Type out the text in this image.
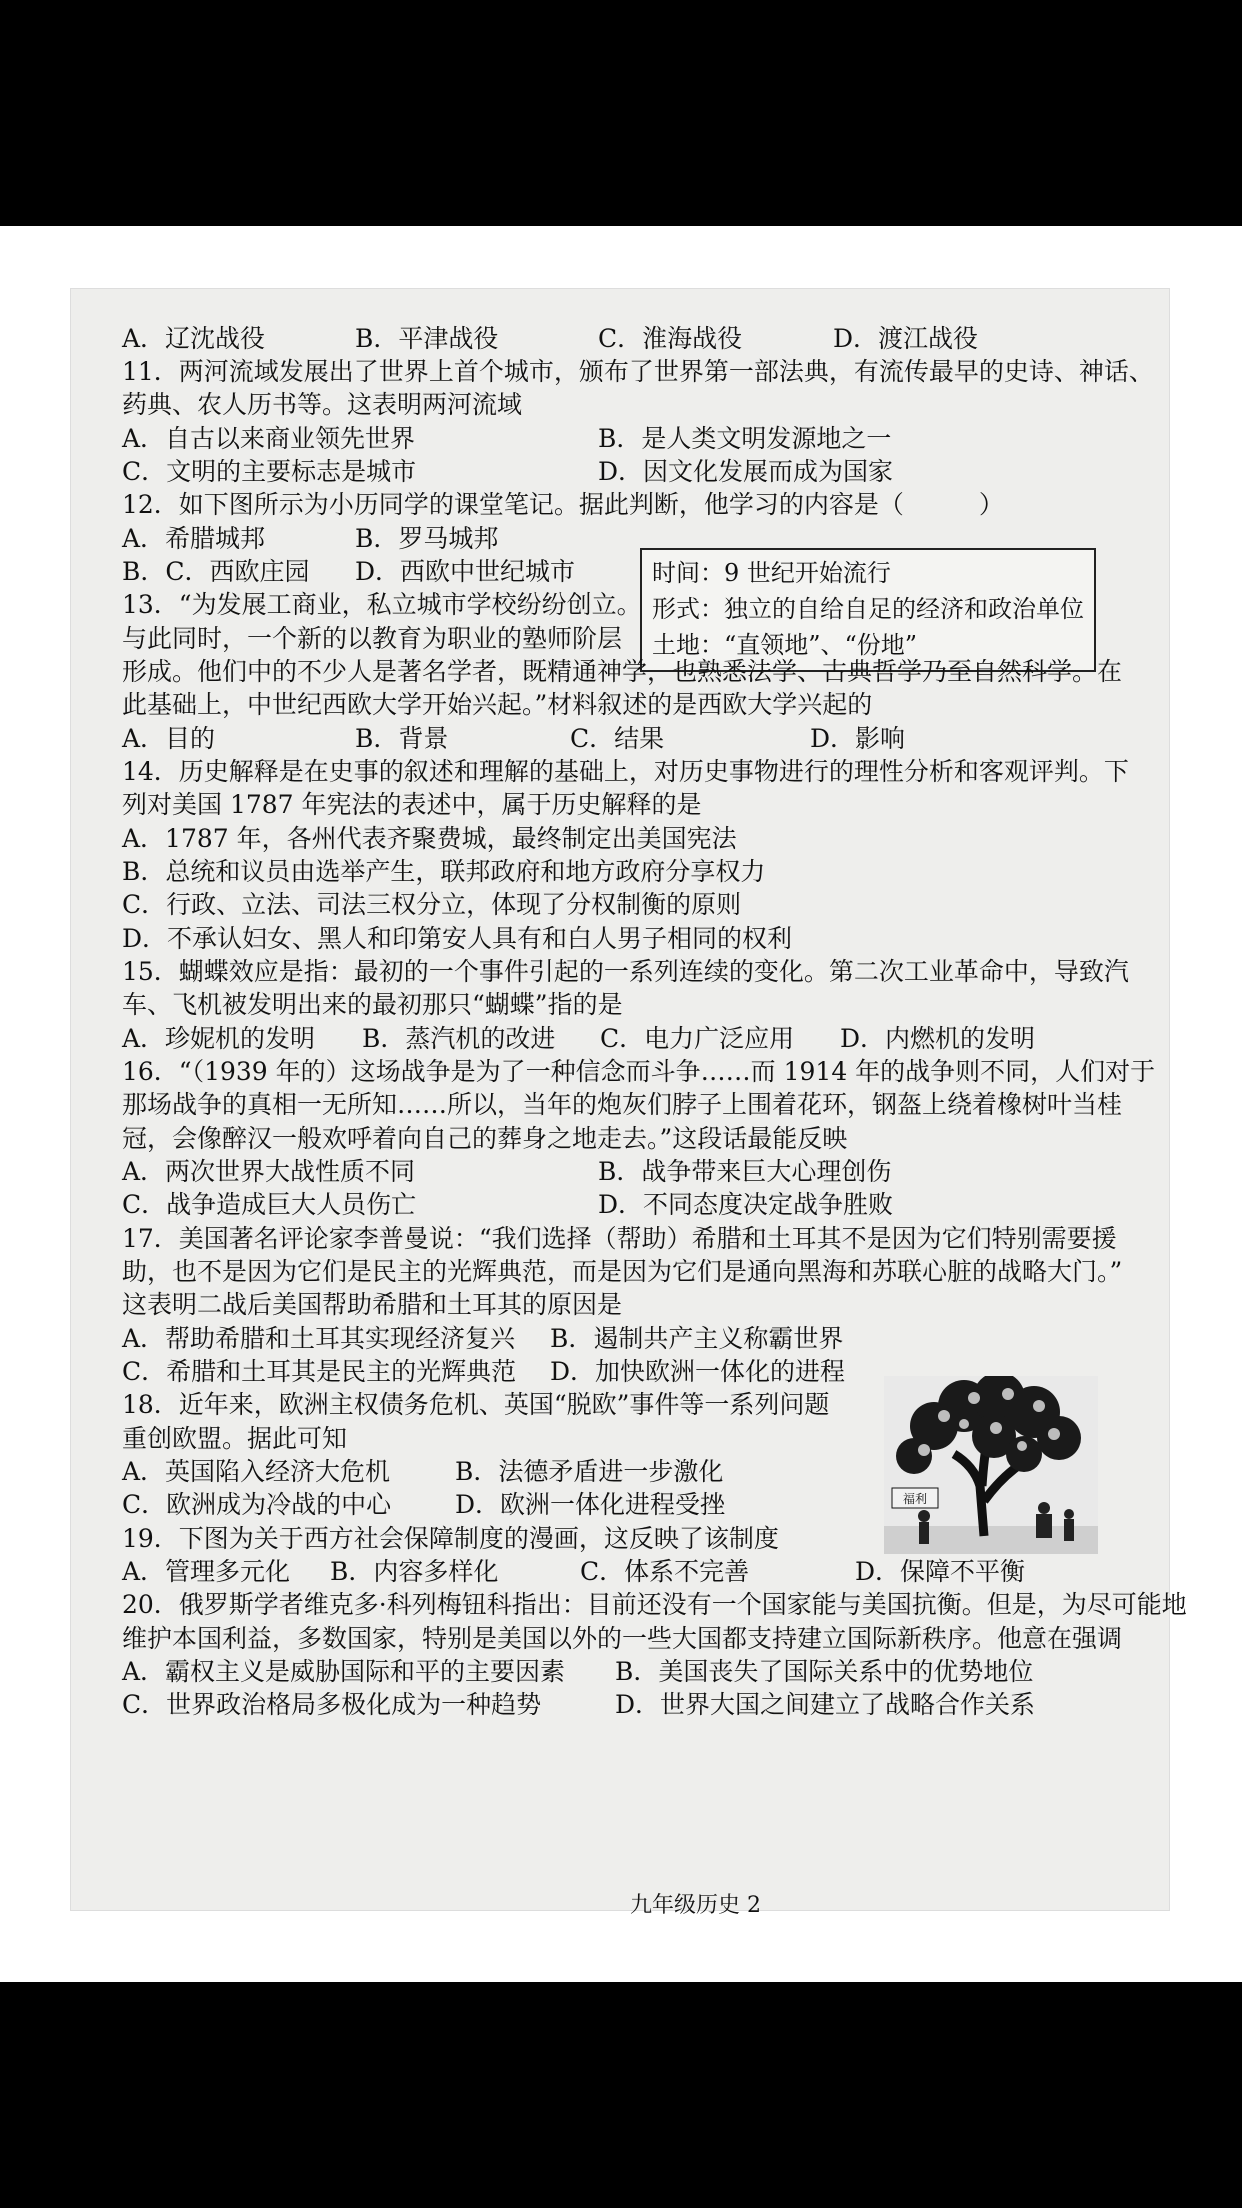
A．辽沈战役	B．平津战役	C．淮海战役	D．渡江战役
11．两河流域发展出了世界上首个城市，颁布了世界第一部法典，有流传最早的史诗、神话、
药典、农人历书等。这表明两河流域
A．自古以来商业领先世界	B．是人类文明发源地之一
C．文明的主要标志是城市	D．因文化发展而成为国家
12．如下图所示为小历同学的课堂笔记。据此判断，他学习的内容是（　　　）
A．希腊城邦	B．罗马城邦
B．C．西欧庄园 D．西欧中世纪城市	时间：9 世纪开始流行
形式：独立的自给自足的经济和政治单位
土地：“直领地”、“份地”
13．“为发展工商业，私立城市学校纷纷创立。
与此同时，一个新的以教育为职业的塾师阶层
形成。他们中的不少人是著名学者，既精通神学，也熟悉法学、古典哲学乃至自然科学。在
此基础上，中世纪西欧大学开始兴起。”材料叙述的是西欧大学兴起的
A．目的	B．背景	C．结果	D．影响
14．历史解释是在史事的叙述和理解的基础上，对历史事物进行的理性分析和客观评判。下
列对美国 1787 年宪法的表述中，属于历史解释的是
A．1787 年，各州代表齐聚费城，最终制定出美国宪法
B．总统和议员由选举产生，联邦政府和地方政府分享权力
C．行政、立法、司法三权分立，体现了分权制衡的原则
D．不承认妇女、黑人和印第安人具有和白人男子相同的权利
15．蝴蝶效应是指：最初的一个事件引起的一系列连续的变化。第二次工业革命中，导致汽
车、飞机被发明出来的最初那只“蝴蝶”指的是
A．珍妮机的发明 B．蒸汽机的改进 C．电力广泛应用 D．内燃机的发明
16．“（1939 年的）这场战争是为了一种信念而斗争……而 1914 年的战争则不同，人们对于
那场战争的真相一无所知……所以，当年的炮灰们脖子上围着花环，钢盔上绕着橡树叶当桂
冠，会像醉汉一般欢呼着向自己的葬身之地走去。”这段话最能反映
A．两次世界大战性质不同	B．战争带来巨大心理创伤
C．战争造成巨大人员伤亡	D．不同态度决定战争胜败
17．美国著名评论家李普曼说：“我们选择（帮助）希腊和土耳其不是因为它们特别需要援
助，也不是因为它们是民主的光辉典范，而是因为它们是通向黑海和苏联心脏的战略大门。”
这表明二战后美国帮助希腊和土耳其的原因是
A．帮助希腊和土耳其实现经济复兴 B．遏制共产主义称霸世界
C．希腊和土耳其是民主的光辉典范 D．加快欧洲一体化的进程
18．近年来，欧洲主权债务危机、英国“脱欧”事件等一系列问题
重创欧盟。据此可知
A．英国陷入经济大危机	B．法德矛盾进一步激化
C．欧洲成为冷战的中心	D．欧洲一体化进程受挫	福利
19．下图为关于西方社会保障制度的漫画，这反映了该制度
A．管理多元化 B．内容多样化	C．体系不完善	D．保障不平衡
20．俄罗斯学者维克多·科列梅钮科指出：目前还没有一个国家能与美国抗衡。但是，为尽可能地
维护本国利益，多数国家，特别是美国以外的一些大国都支持建立国际新秩序。他意在强调
A．霸权主义是威胁国际和平的主要因素 B．美国丧失了国际关系中的优势地位
C．世界政治格局多极化成为一种趋势	D．世界大国之间建立了战略合作关系
九年级历史 2
